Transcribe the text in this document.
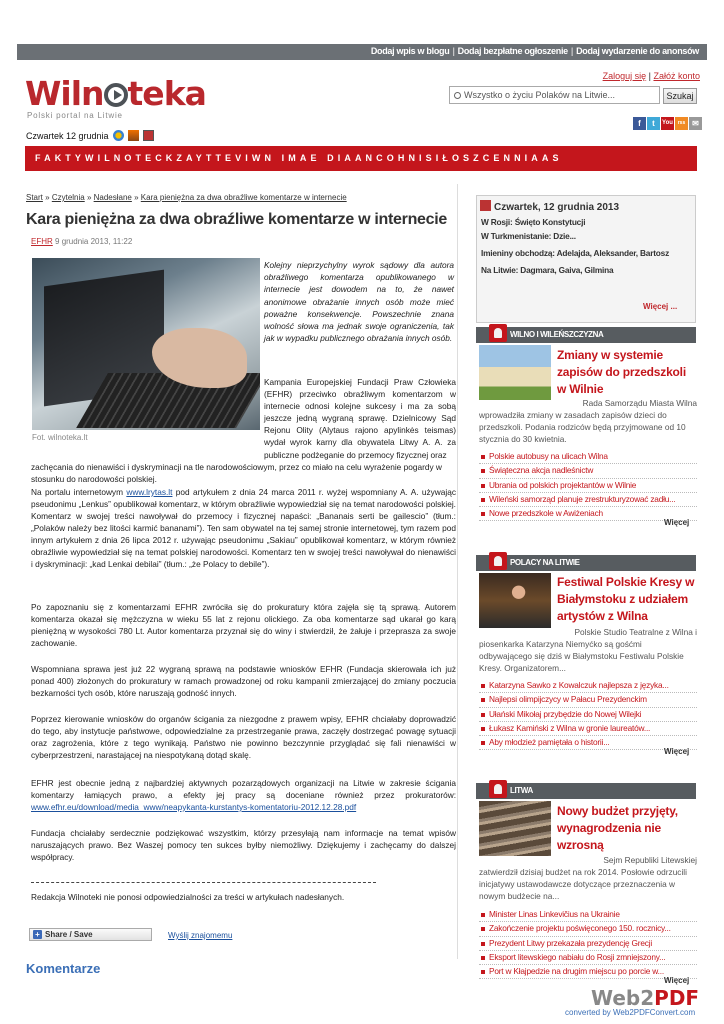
Dodaj wpis w blogu | Dodaj bezpłatne ogłoszenie | Dodaj wydarzenie do anonsów
Wiln teka
Polski portal na Litwie
Zaloguj się | Załóż konto
Wszystko o życiu Polaków na Litwie...	Szukaj
f	t	You rss ✉
Czwartek 12 grudnia
FAKTYWILNOTECKZAYTTEVIWN IMAE DIAANCOHNISIŁOSZCENNIAAS
Start » Czytelnia » Nadesłane » Kara pieniężna za dwa obraźliwe komentarze w internecie
Kara pieniężna za dwa obraźliwe komentarze w internecie
EFHR 9 grudnia 2013, 11:22
Fot. wilnoteka.lt
Kolejny nieprzychylny wyrok sądowy dla autora obraźliwego komentarza opublikowanego w internecie jest dowodem na to, że nawet anonimowe obrażanie innych osób może mieć poważne konsekwencje. Powszechnie znana wolność słowa ma jednak swoje ograniczenia, tak jak w wypadku publicznego obrażania innych osób.
Kampania Europejskiej Fundacji Praw Człowieka (EFHR) przeciwko obraźliwym komentarzom w internecie odnosi kolejne sukcesy i ma za sobą jeszcze jedną wygraną sprawę. Dzielnicowy Sąd Rejonu Olity (Alytaus rajono apylinkės teismas) wydał wyrok karny dla obywatela Litwy A. A. za publiczne podżeganie do przemocy fizycznej oraz
zachęcania do nienawiści i dyskryminacji na tle narodowościowym, przez co miało na celu wyrażenie pogardy w stosunku do narodowości polskiej.
Na portalu internetowym www.lrytas.lt pod artykułem z dnia 24 marca 2011 r. wyżej wspomniany A. A. używając pseudonimu „Lenkus” opublikował komentarz, w którym obraźliwie wypowiedział się na temat narodowości polskiej. Komentarz w swojej treści nawoływał do przemocy i fizycznej napaści: „Bananais serti be gailescio” (tłum.: „Polaków należy bez litości karmić bananami”). Ten sam obywatel na tej samej stronie internetowej, tym razem pod innym artykułem z dnia 26 lipca 2012 r. używając pseudonimu „Sakiau” opublikował komentarz, w którym również obraźliwie wypowiedział się na temat polskiej narodowości. Komentarz ten w swojej treści nawoływał do nienawiści i dyskryminacji: „kad Lenkai debilai” (tłum.: „że Polacy to debile”).
Po zapoznaniu się z komentarzami EFHR zwróciła się do prokuratury która zajęła się tą sprawą. Autorem komentarza okazał się mężczyzna w wieku 55 lat z rejonu olickiego. Za oba komentarze sąd ukarał go karą pieniężną w wysokości 780 Lt. Autor komentarza przyznał się do winy i stwierdził, że żałuje i przeprasza za swoje zachowanie.
Wspomniana sprawa jest już 22 wygraną sprawą na podstawie wniosków EFHR (Fundacja skierowała ich już ponad 400) złożonych do prokuratury w ramach prowadzonej od roku kampanii zmierzającej do zmiany poczucia bezkarności tych osób, które naruszają godność innych.
Poprzez kierowanie wniosków do organów ścigania za niezgodne z prawem wpisy, EFHR chciałaby doprowadzić do tego, aby instytucje państwowe, odpowiedzialne za przestrzeganie prawa, zaczęły dostrzegać powagę sytuacji oraz zagrożenia, które z tego wynikają. Państwo nie powinno bezczynnie przyglądać się fali nienawiści w cyberprzestrzeni, narastającej na niespotykaną dotąd skalę.
EFHR jest obecnie jedną z najbardziej aktywnych pozarządowych organizacji na Litwie w zakresie ścigania komentarzy łamiących prawo, a efekty jej pracy są doceniane również przez prokuratorów: www.efhr.eu/download/media_www/neapykanta-kurstantys-komentatoriu-2012.12.28.pdf
Fundacja chciałaby serdecznie podziękować wszystkim, którzy przesyłają nam informacje na temat wpisów naruszających prawo. Bez Waszej pomocy ten sukces byłby niemożliwy. Dziękujemy i zachęcamy do dalszej współpracy.
Redakcja Wilnoteki nie ponosi odpowiedzialności za treści w artykułach nadesłanych.
+ Share / Save	Wyślij znajomemu
Komentarze
Czwartek, 12 grudnia 2013
W Rosji: Święto Konstytucji
W Turkmenistanie: Dzie...
Imieniny obchodzą: Adelajda, Aleksander, Bartosz
Na Litwie: Dagmara, Gaiva, Gilmina
Więcej ...
WILNO I WILEŃSZCZYZNA
Zmiany w systemie zapisów do przedszkoli w Wilnie
Rada Samorządu Miasta Wilna
wprowadziła zmiany w zasadach zapisów dzieci do przedszkoli. Podania rodziców będą przyjmowane od 10 stycznia do 30 kwietnia.
Polskie autobusy na ulicach Wilna
Świąteczna akcja nadleśnictw
Ubrania od polskich projektantów w Wilnie
Wileński samorząd planuje zrestrukturyzować zadłu...
Nowe przedszkole w Awiżeniach
Więcej
POLACY NA LITWIE
Festiwal Polskie Kresy w Białymstoku z udziałem artystów z Wilna
Polskie Studio Teatralne z Wilna i
piosenkarka Katarzyna Niemyćko są gośćmi odbywającego się dziś w Białymstoku Festiwalu Polskie Kresy. Organizatorem...
Katarzyna Sawko z Kowalczuk najlepsza z języka...
Najlepsi olimpijczycy w Pałacu Prezydenckim
Ułański Mikołaj przybędzie do Nowej Wilejki
Łukasz Kamiński z Wilna w gronie laureatów...
Aby młodzież pamiętała o historii...
Więcej
LITWA
Nowy budżet przyjęty, wynagrodzenia nie wzrosną
Sejm Republiki Litewskiej
zatwierdził dzisiaj budżet na rok 2014. Posłowie odrzucili inicjatywy ustawodawcze dotyczące przeznaczenia w nowym budżecie na...
Minister Linas Linkevičius na Ukrainie
Zakończenie projektu poświęconego 150. rocznicy...
Prezydent Litwy przekazała prezydencję Grecji
Eksport litewskiego nabiału do Rosji zmniejszony...
Port w Kłajpedzie na drugim miejscu po porcie w...
Więcej
Web2PDF
converted by Web2PDFConvert.com
